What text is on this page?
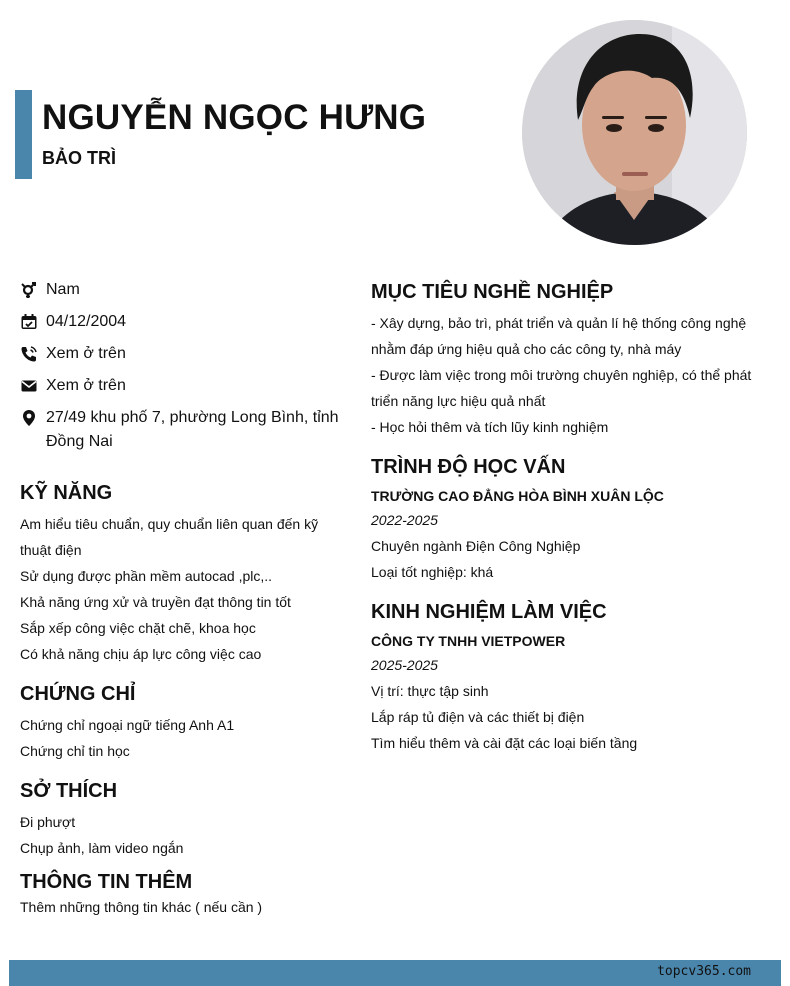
NGUYỄN NGỌC HƯNG
BẢO TRÌ
Nam
04/12/2004
Xem ở trên
Xem ở trên
27/49 khu phố 7, phường Long Bình, tỉnh Đồng Nai
KỸ NĂNG
Am hiểu tiêu chuẩn, quy chuẩn liên quan đến kỹ thuật điện
Sử dụng được phần mềm autocad ,plc,..
Khả năng ứng xử và truyền đạt thông tin tốt
Sắp xếp công việc chặt chẽ, khoa học
Có khả năng chịu áp lực công việc cao
CHỨNG CHỈ
Chứng chỉ ngoại ngữ tiếng Anh A1
Chứng chỉ tin học
SỞ THÍCH
Đi phượt
Chụp ảnh, làm video ngắn
THÔNG TIN THÊM
Thêm những thông tin khác ( nếu cần )
MỤC TIÊU NGHỀ NGHIỆP
- Xây dựng, bảo trì, phát triển và quản lí hệ thống công nghệ nhằm đáp ứng hiệu quả cho các công ty, nhà máy
- Được làm việc trong môi trường chuyên nghiệp, có thể phát triển năng lực hiệu quả nhất
- Học hỏi thêm và tích lũy kinh nghiệm
TRÌNH ĐỘ HỌC VẤN
TRƯỜNG CAO ĐẲNG HÒA BÌNH XUÂN LỘC
2022-2025
Chuyên ngành Điện Công Nghiệp
Loại tốt nghiệp: khá
KINH NGHIỆM LÀM VIỆC
CÔNG TY TNHH VIETPOWER
2025-2025
Vị trí: thực tập sinh
Lắp ráp tủ điện và các thiết bị điện
Tìm hiểu thêm và cài đặt các loại biến tầng
topcv365.com
